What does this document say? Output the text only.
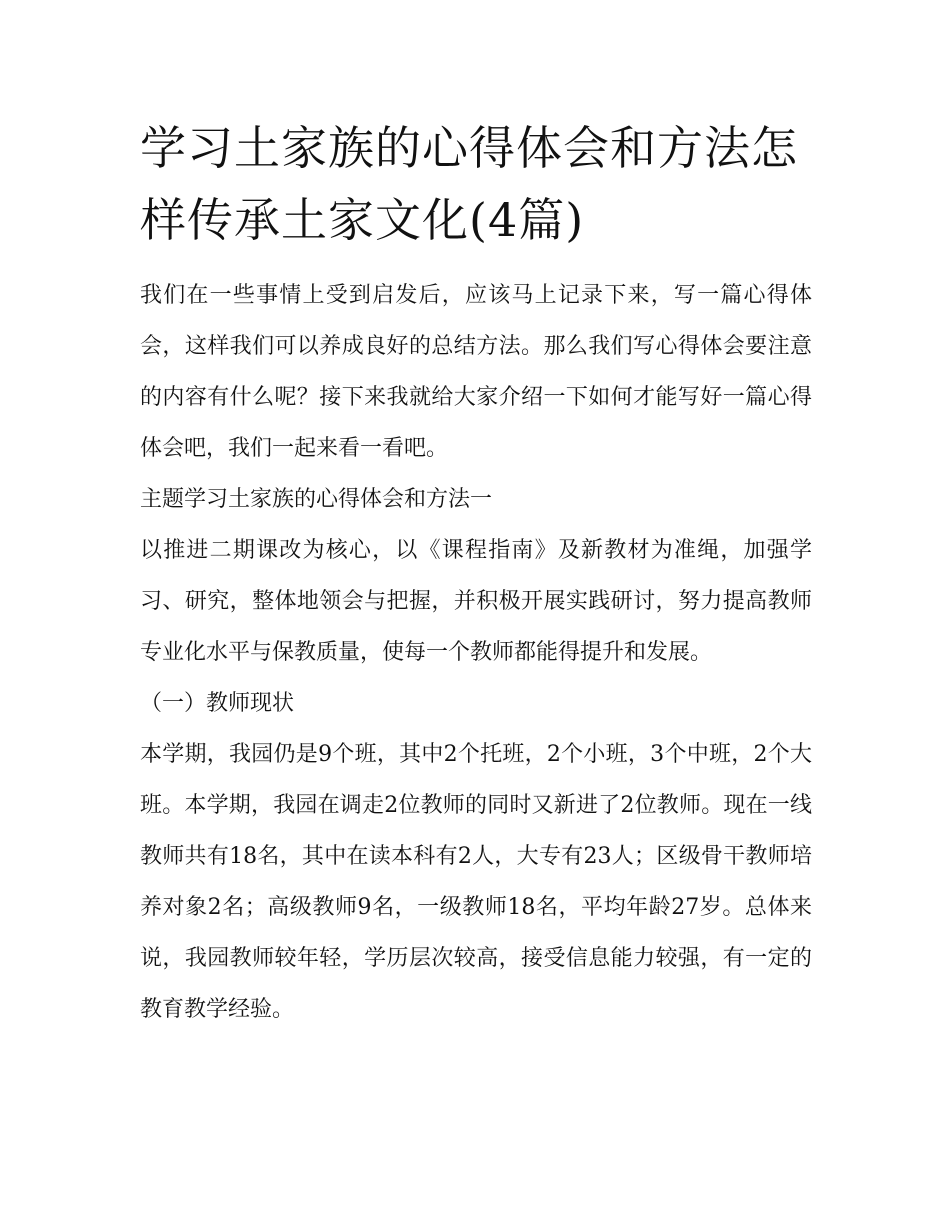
学习土家族的心得体会和方法怎样传承土家文化(4篇)

我们在一些事情上受到启发后，应该马上记录下来，写一篇心得体会，这样我们可以养成良好的总结方法。那么我们写心得体会要注意的内容有什么呢？接下来我就给大家介绍一下如何才能写好一篇心得体会吧，我们一起来看一看吧。

主题学习土家族的心得体会和方法一

以推进二期课改为核心，以《课程指南》及新教材为准绳，加强学习、研究，整体地领会与把握，并积极开展实践研讨，努力提高教师专业化水平与保教质量，使每一个教师都能得提升和发展。

（一）教师现状

本学期，我园仍是9个班，其中2个托班，2个小班，3个中班，2个大班。本学期，我园在调走2位教师的同时又新进了2位教师。现在一线教师共有18名，其中在读本科有2人，大专有23人；区级骨干教师培养对象2名；高级教师9名，一级教师18名，平均年龄27岁。总体来说，我园教师较年轻，学历层次较高，接受信息能力较强，有一定的教育教学经验。
